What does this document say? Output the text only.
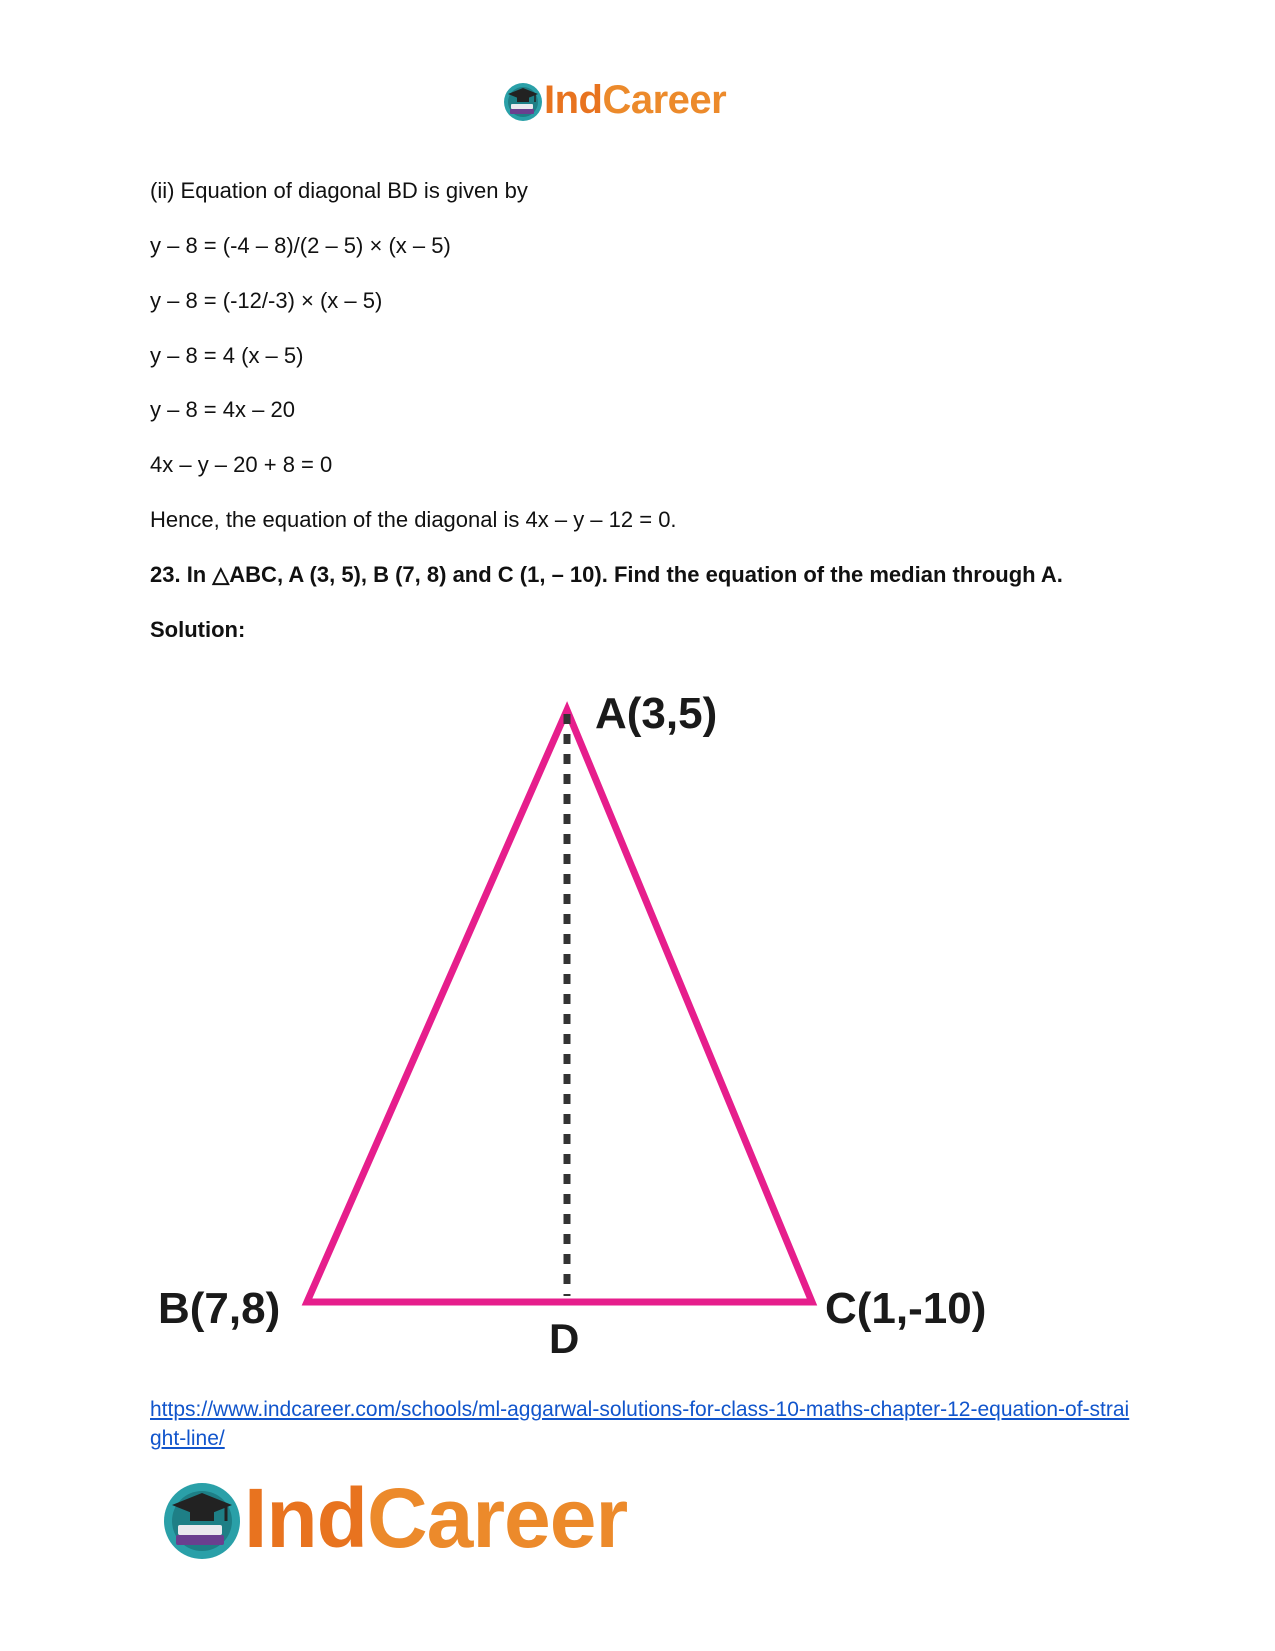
IndCareer
(ii) Equation of diagonal BD is given by
y – 8 = (-4 – 8)/(2 – 5) × (x – 5)
y – 8 = (-12/-3) × (x – 5)
y – 8 = 4 (x – 5)
y – 8 = 4x – 20
4x – y – 20 + 8 = 0
Hence, the equation of the diagonal is 4x – y – 12 = 0.
23. In △ABC, A (3, 5), B (7, 8) and C (1, – 10). Find the equation of the median through A.
Solution:
A(3,5)
B(7,8)	C(1,-10)
D
https://www.indcareer.com/schools/ml-aggarwal-solutions-for-class-10-maths-chapter-12-equation-of-straight-line/
IndCareer
